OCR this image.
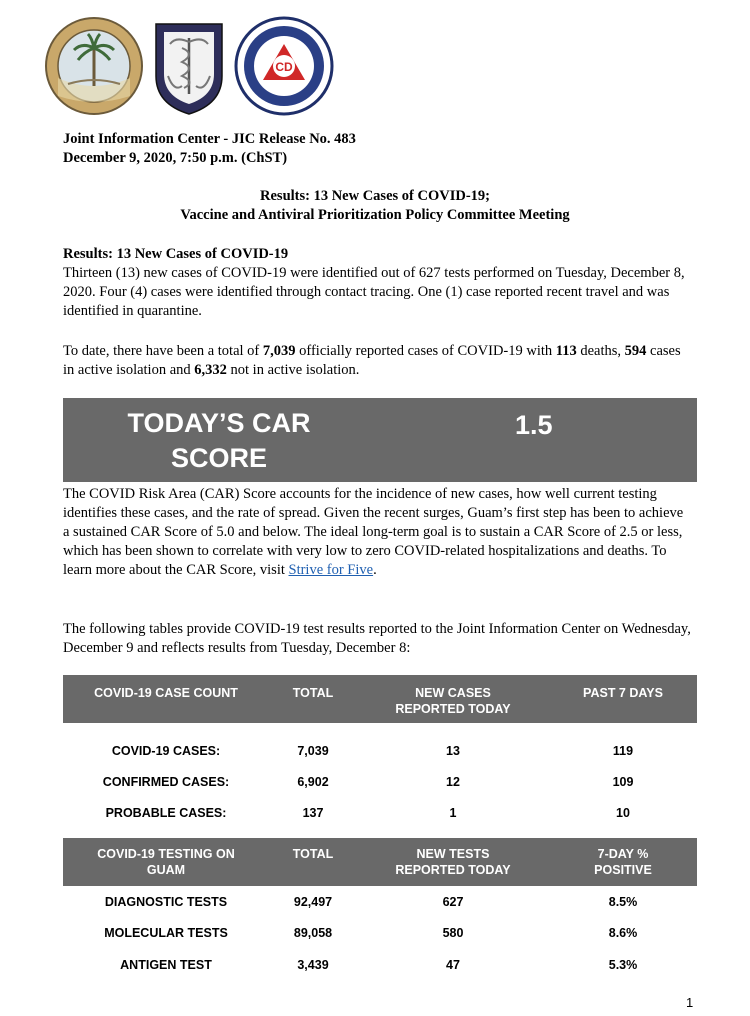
CD
Joint Information Center - JIC Release No. 483
December 9, 2020, 7:50 p.m. (ChST)
Results: 13 New Cases of COVID-19;
Vaccine and Antiviral Prioritization Policy Committee Meeting
Results: 13 New Cases of COVID-19
Thirteen (13) new cases of COVID-19 were identified out of 627 tests performed on Tuesday, December 8, 2020. Four (4) cases were identified through contact tracing. One (1) case reported recent travel and was identified in quarantine.
To date, there have been a total of 7,039 officially reported cases of COVID-19 with 113 deaths, 594 cases in active isolation and 6,332 not in active isolation.
TODAY’S CAR
SCORE
1.5
The COVID Risk Area (CAR) Score accounts for the incidence of new cases, how well current testing identifies these cases, and the rate of spread. Given the recent surges, Guam’s first step has been to achieve a sustained CAR Score of 5.0 and below. The ideal long-term goal is to sustain a CAR Score of 2.5 or less, which has been shown to correlate with very low to zero COVID-related hospitalizations and deaths. To learn more about the CAR Score, visit Strive for Five.
The following tables provide COVID-19 test results reported to the Joint Information Center on Wednesday, December 9 and reflects results from Tuesday, December 8:
COVID-19 CASE COUNT	TOTAL	NEW CASES REPORTED TODAY	PAST 7 DAYS

COVID-19 CASES:	7,039	13	119
CONFIRMED CASES:	6,902	12	109
PROBABLE CASES:	137	1	10
COVID-19 TESTING ON GUAM	TOTAL	NEW TESTS REPORTED TODAY	7-DAY % POSITIVE
DIAGNOSTIC TESTS	92,497	627	8.5%
MOLECULAR TESTS	89,058	580	8.6%
ANTIGEN TEST	3,439	47	5.3%
1
